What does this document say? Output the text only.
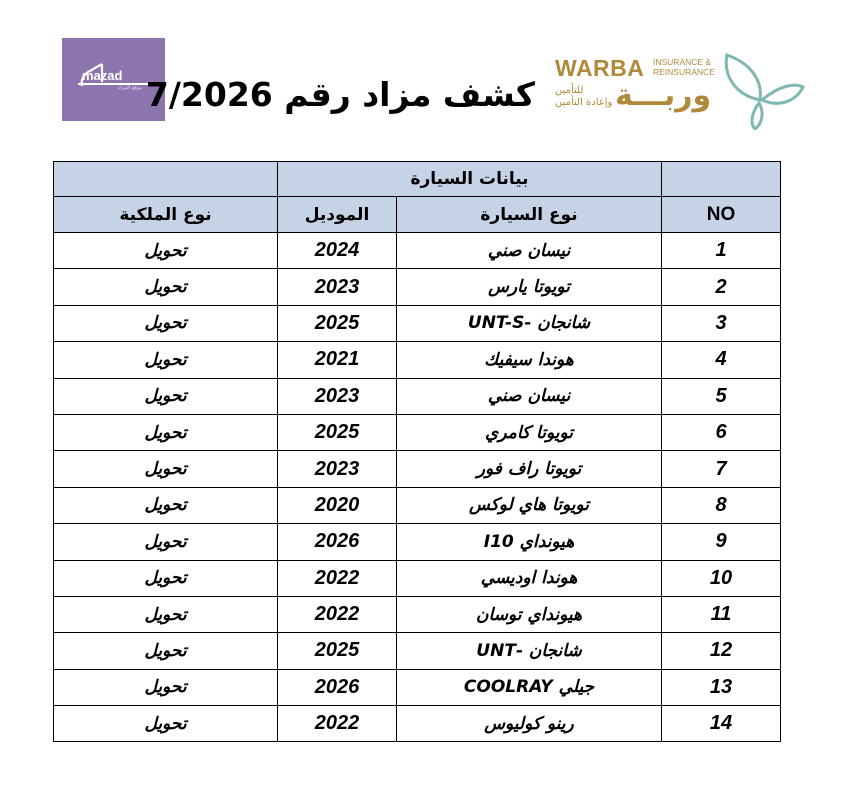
mazad
موقع المزاد كشف مزاد رقم 7/2026
WARBA INSURANCE &
REINSURANCE
للتأمين
وإعادة التأمين وربـــة
	بيانات السيارة		
نوع الملكية	الموديل	نوع السيارة	NO
تحويل	2024	نيسان صني	1
تحويل	2023	تويوتا يارس	2
تحويل	2025	شانجان -UNT-S	3
تحويل	2021	هوندا سيفيك	4
تحويل	2023	نيسان صني	5
تحويل	2025	تويوتا كامري	6
تحويل	2023	تويوتا راف فور	7
تحويل	2020	تويوتا هاي لوكس	8
تحويل	2026	هيونداي I10	9
تحويل	2022	هوندا اوديسي	10
تحويل	2022	هيونداي توسان	11
تحويل	2025	شانجان -UNT	12
تحويل	2026	جيلي COOLRAY	13
تحويل	2022	رينو كوليوس	14
